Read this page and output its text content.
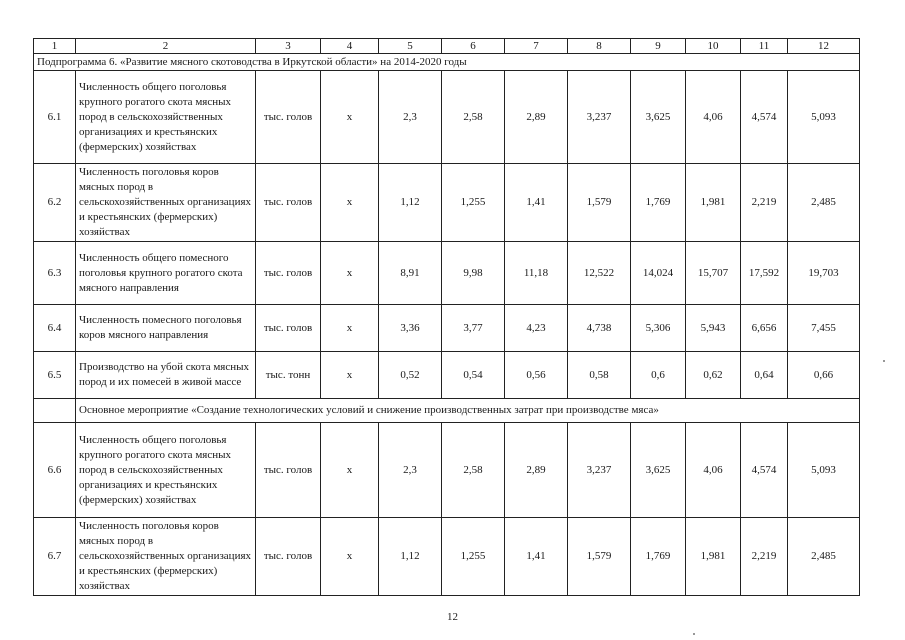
1	2	3	4	5	6	7	8	9	10	11	12
Подпрограмма 6. «Развитие мясного скотоводства в Иркутской области» на 2014-2020 годы											
6.1	Численность общего поголовья крупного рогатого скота мясных пород в сельскохозяйственных организациях и крестьянских (фермерских) хозяйствах	тыс. голов	х	2,3	2,58	2,89	3,237	3,625	4,06	4,574	5,093
6.2	Численность поголовья коров мясных пород в сельскохозяйственных организациях и крестьянских (фермерских) хозяйствах	тыс. голов	х	1,12	1,255	1,41	1,579	1,769	1,981	2,219	2,485
6.3	Численность общего помесного поголовья крупного рогатого скота мясного направления	тыс. голов	х	8,91	9,98	11,18	12,522	14,024	15,707	17,592	19,703
6.4	Численность помесного поголовья коров мясного направления	тыс. голов	х	3,36	3,77	4,23	4,738	5,306	5,943	6,656	7,455
6.5	Производство на убой скота мясных пород и их помесей в живой массе	тыс. тонн	х	0,52	0,54	0,56	0,58	0,6	0,62	0,64	0,66
	Основное мероприятие «Создание технологических условий и снижение производственных затрат при производстве мяса»										
6.6	Численность общего поголовья крупного рогатого скота мясных пород в сельскохозяйственных организациях и крестьянских (фермерских) хозяйствах	тыс. голов	х	2,3	2,58	2,89	3,237	3,625	4,06	4,574	5,093
6.7	Численность поголовья коров мясных пород в сельскохозяйственных организациях и крестьянских (фермерских) хозяйствах	тыс. голов	х	1,12	1,255	1,41	1,579	1,769	1,981	2,219	2,485
12
